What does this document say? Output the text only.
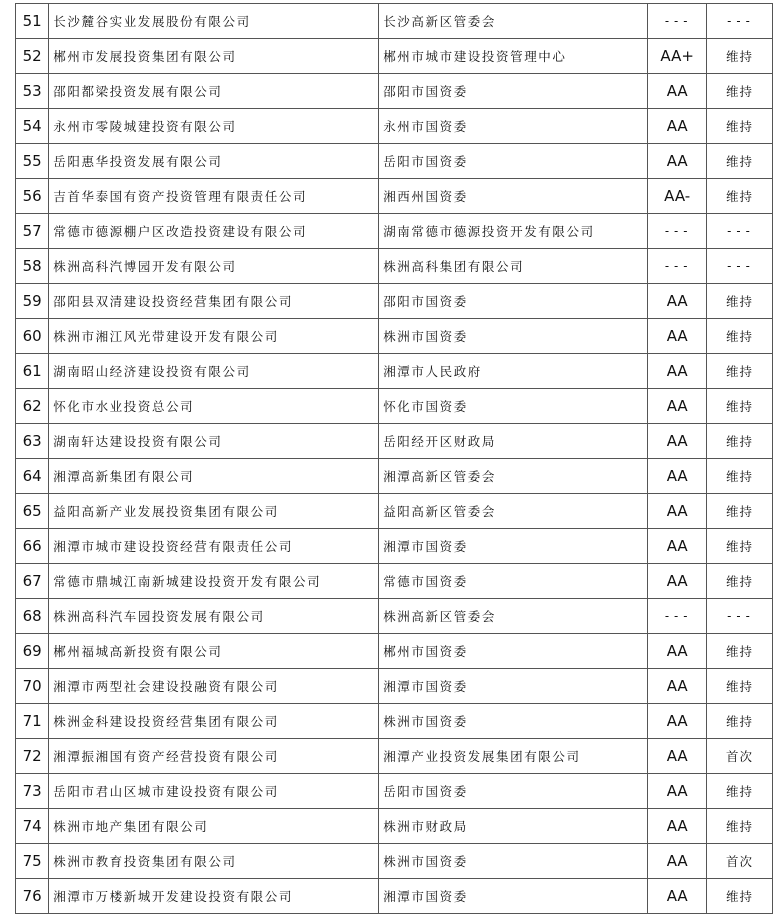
51	长沙麓谷实业发展股份有限公司	长沙高新区管委会	---	---
52	郴州市发展投资集团有限公司	郴州市城市建设投资管理中心	AA+	维持
53	邵阳都梁投资发展有限公司	邵阳市国资委	AA	维持
54	永州市零陵城建投资有限公司	永州市国资委	AA	维持
55	岳阳惠华投资发展有限公司	岳阳市国资委	AA	维持
56	吉首华泰国有资产投资管理有限责任公司	湘西州国资委	AA-	维持
57	常德市德源棚户区改造投资建设有限公司	湖南常德市德源投资开发有限公司	---	---
58	株洲高科汽博园开发有限公司	株洲高科集团有限公司	---	---
59	邵阳县双清建设投资经营集团有限公司	邵阳市国资委	AA	维持
60	株洲市湘江风光带建设开发有限公司	株洲市国资委	AA	维持
61	湖南昭山经济建设投资有限公司	湘潭市人民政府	AA	维持
62	怀化市水业投资总公司	怀化市国资委	AA	维持
63	湖南轩达建设投资有限公司	岳阳经开区财政局	AA	维持
64	湘潭高新集团有限公司	湘潭高新区管委会	AA	维持
65	益阳高新产业发展投资集团有限公司	益阳高新区管委会	AA	维持
66	湘潭市城市建设投资经营有限责任公司	湘潭市国资委	AA	维持
67	常德市鼎城江南新城建设投资开发有限公司	常德市国资委	AA	维持
68	株洲高科汽车园投资发展有限公司	株洲高新区管委会	---	---
69	郴州福城高新投资有限公司	郴州市国资委	AA	维持
70	湘潭市两型社会建设投融资有限公司	湘潭市国资委	AA	维持
71	株洲金科建设投资经营集团有限公司	株洲市国资委	AA	维持
72	湘潭振湘国有资产经营投资有限公司	湘潭产业投资发展集团有限公司	AA	首次
73	岳阳市君山区城市建设投资有限公司	岳阳市国资委	AA	维持
74	株洲市地产集团有限公司	株洲市财政局	AA	维持
75	株洲市教育投资集团有限公司	株洲市国资委	AA	首次
76	湘潭市万楼新城开发建设投资有限公司	湘潭市国资委	AA	维持
